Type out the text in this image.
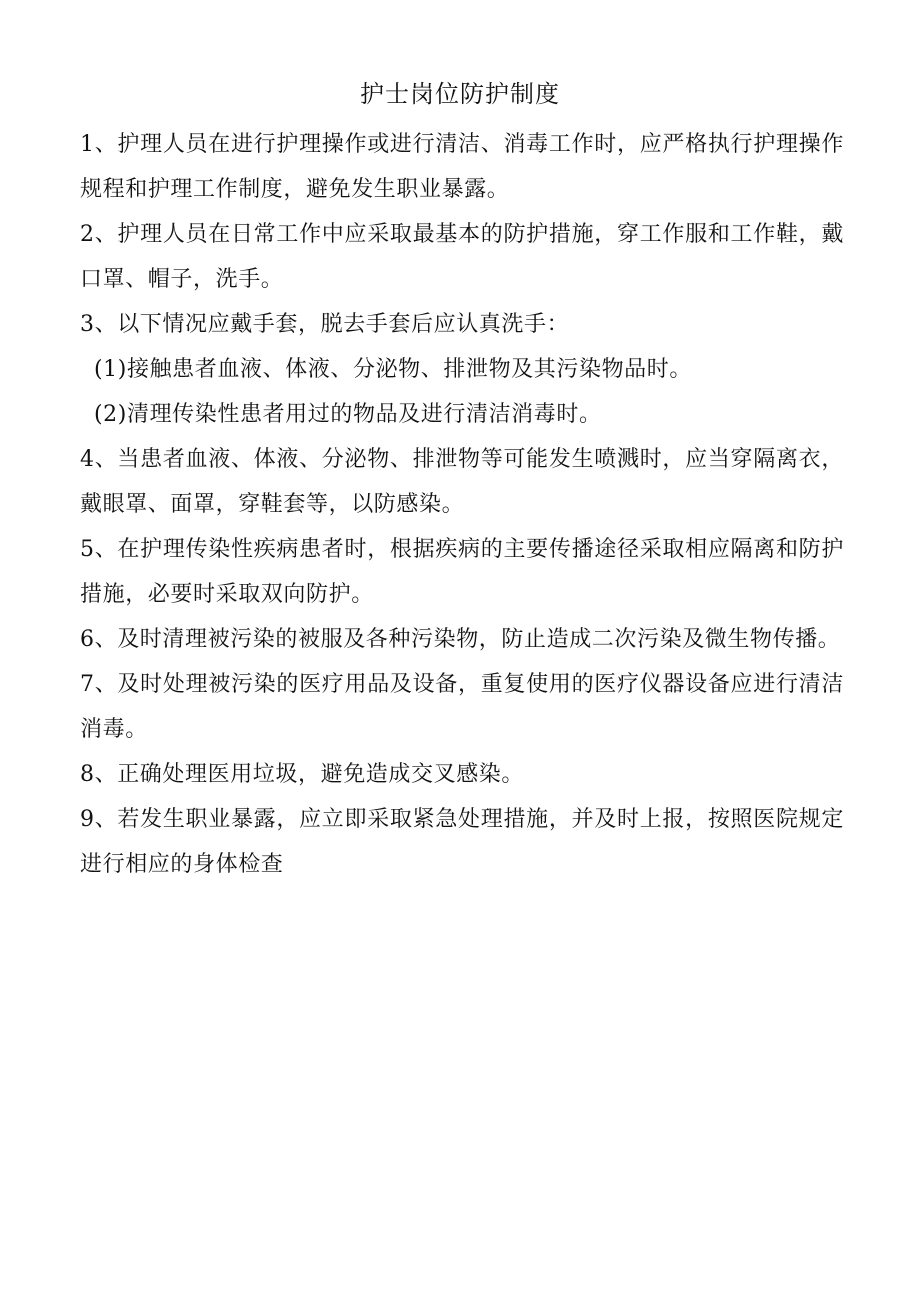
护士岗位防护制度

1、护理人员在进行护理操作或进行清洁、消毒工作时，应严格执行护理操作规程和护理工作制度，避免发生职业暴露。

2、护理人员在日常工作中应采取最基本的防护措施，穿工作服和工作鞋，戴口罩、帽子，洗手。

3、以下情况应戴手套，脱去手套后应认真洗手：

(1)接触患者血液、体液、分泌物、排泄物及其污染物品时。

(2)清理传染性患者用过的物品及进行清洁消毒时。

4、当患者血液、体液、分泌物、排泄物等可能发生喷溅时，应当穿隔离衣，戴眼罩、面罩，穿鞋套等，以防感染。

5、在护理传染性疾病患者时，根据疾病的主要传播途径采取相应隔离和防护措施，必要时采取双向防护。

6、及时清理被污染的被服及各种污染物，防止造成二次污染及微生物传播。

7、及时处理被污染的医疗用品及设备，重复使用的医疗仪器设备应进行清洁消毒。

8、正确处理医用垃圾，避免造成交叉感染。

9、若发生职业暴露，应立即采取紧急处理措施，并及时上报，按照医院规定进行相应的身体检查
